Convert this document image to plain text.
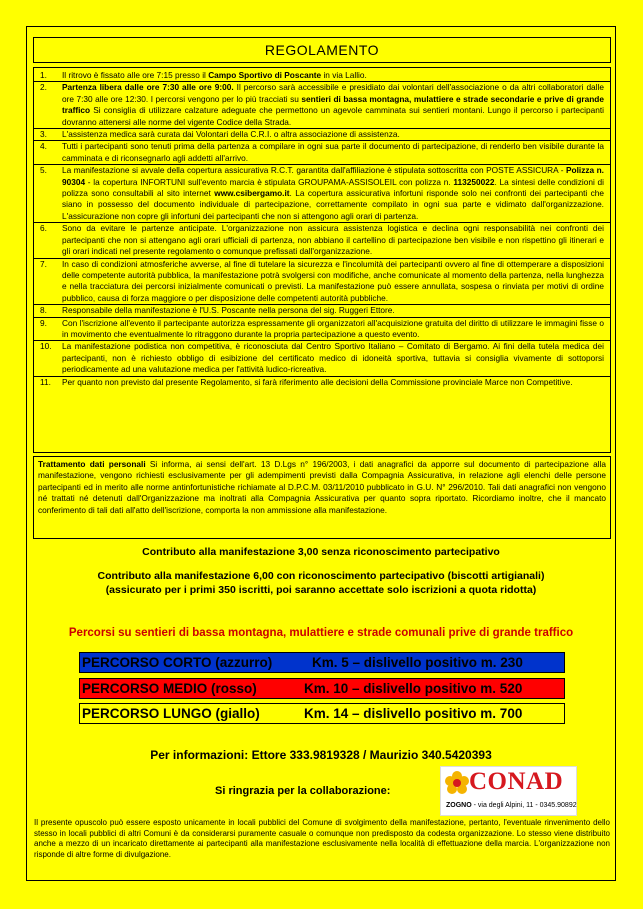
REGOLAMENTO
1. Il ritrovo è fissato alle ore 7:15 presso il Campo Sportivo di Poscante in via Lallio.
2. Partenza libera dalle ore 7:30 alle ore 9:00. Il percorso sarà accessibile e presidiato dai volontari dell'associazione o da altri collaboratori dalle ore 7:30 alle ore 12:30. I percorsi vengono per lo più tracciati su sentieri di bassa montagna, mulattiere e strade secondarie e prive di grande traffico Si consiglia di utilizzare calzature adeguate che permettono un agevole camminata sui sentieri montani. Lungo il percorso i partecipanti dovranno attenersi alle norme del vigente Codice della Strada.
3. L'assistenza medica sarà curata dai Volontari della C.R.I. o altra associazione di assistenza.
4. Tutti i partecipanti sono tenuti prima della partenza a compilare in ogni sua parte il documento di partecipazione, di renderlo ben visibile durante la camminata e di riconsegnarlo agli addetti all'arrivo.
5. La manifestazione si avvale della copertura assicurativa R.C.T. garantita dall'affiliazione è stipulata sottoscritta con POSTE ASSICURA - Polizza n. 90304 - la copertura INFORTUNI sull'evento marcia è stipulata GROUPAMA-ASSISOLEIL con polizza n. 113250022. La sintesi delle condizioni di polizza sono consultabili al sito internet www.csibergamo.it. La copertura assicurativa infortuni risponde solo nei confronti dei partecipanti che siano in possesso del documento individuale di partecipazione, correttamente compilato in ogni sua parte e vidimato dall'organizzazione. L'assicurazione non copre gli infortuni dei partecipanti che non si attengono agli orari di partenza.
6. Sono da evitare le partenze anticipate. L'organizzazione non assicura assistenza logistica e declina ogni responsabilità nei confronti dei partecipanti che non si attengano agli orari ufficiali di partenza, non abbiano il cartellino di partecipazione ben visibile e non rispettino gli itinerari e gli orari indicati nel presente regolamento o comunque prefissati dall'organizzazione.
7. In caso di condizioni atmosferiche avverse, al fine di tutelare la sicurezza e l'incolumità dei partecipanti ovvero al fine di ottemperare a disposizioni delle competente autorità pubblica, la manifestazione potrà svolgersi con modifiche, anche comunicate al momento della partenza, nella lunghezza e nella tracciatura dei percorsi inizialmente comunicati o previsti. La manifestazione può essere annullata, sospesa o rinviata per motivi di ordine pubblico, causa di forza maggiore o per disposizione delle competenti autorità pubbliche.
8. Responsabile della manifestazione è l'U.S. Poscante nella persona del sig. Ruggeri Ettore.
9. Con l'iscrizione all'evento il partecipante autorizza espressamente gli organizzatori all'acquisizione gratuita del diritto di utilizzare le immagini fisse o in movimento che eventualmente lo ritraggono durante la propria partecipazione a questo evento.
10. La manifestazione podistica non competitiva, è riconosciuta dal Centro Sportivo Italiano – Comitato di Bergamo. Ai fini della tutela medica dei partecipanti, non è richiesto obbligo di esibizione del certificato medico di idoneità sportiva, tuttavia si consiglia vivamente di sottoporsi periodicamente ad una valutazione medica per l'attività ludico-ricreativa.
11. Per quanto non previsto dal presente Regolamento, si farà riferimento alle decisioni della Commissione provinciale Marce non Competitive.
Trattamento dati personali Si informa, ai sensi dell'art. 13 D.Lgs n° 196/2003, i dati anagrafici da apporre sul documento di partecipazione alla manifestazione, vengono richiesti esclusivamente per gli adempimenti previsti dalla Compagnia Assicurativa, in relazione agli elenchi delle persone partecipanti ed in merito alle norme antinfortunistiche richiamate al D.P.C.M. 03/11/2010 pubblicato in G.U. N° 296/2010. Tali dati anagrafici non vengono né trattati né detenuti dall'Organizzazione ma inoltrati alla Compagnia Assicurativa per quanto sopra riportato. Ricordiamo inoltre, che il mancato conferimento di tali dati all'atto dell'iscrizione, comporta la non ammissione alla manifestazione.
Contributo alla manifestazione 3,00 senza riconoscimento partecipativo
Contributo alla manifestazione 6,00 con riconoscimento partecipativo (biscotti artigianali)
(assicurato per i primi 350 iscritti, poi saranno accettate solo iscrizioni a quota ridotta)
Percorsi su sentieri di bassa montagna, mulattiere e strade comunali prive di grande traffico
PERCORSO CORTO (azzurro)	Km. 5 – dislivello positivo m. 230
PERCORSO MEDIO (rosso)	Km. 10 – dislivello positivo m. 520
PERCORSO LUNGO (giallo)	Km. 14 – dislivello positivo m. 700
Per informazioni: Ettore 333.9819328 / Maurizio 340.5420393
Si ringrazia per la collaborazione:	CONAD
ZOGNO - via degli Alpini, 11 - 0345.90892
Il presente opuscolo può essere esposto unicamente in locali pubblici del Comune di svolgimento della manifestazione, pertanto, l'eventuale rinvenimento dello stesso in locali pubblici di altri Comuni è da considerarsi puramente casuale o comunque non predisposto da codesta organizzazione. Lo stesso viene distribuito anche a mezzo di un incaricato direttamente ai partecipanti alla manifestazione esclusivamente nella località di effettuazione della marcia. L'organizzazione non risponde di altre forme di divulgazione.
